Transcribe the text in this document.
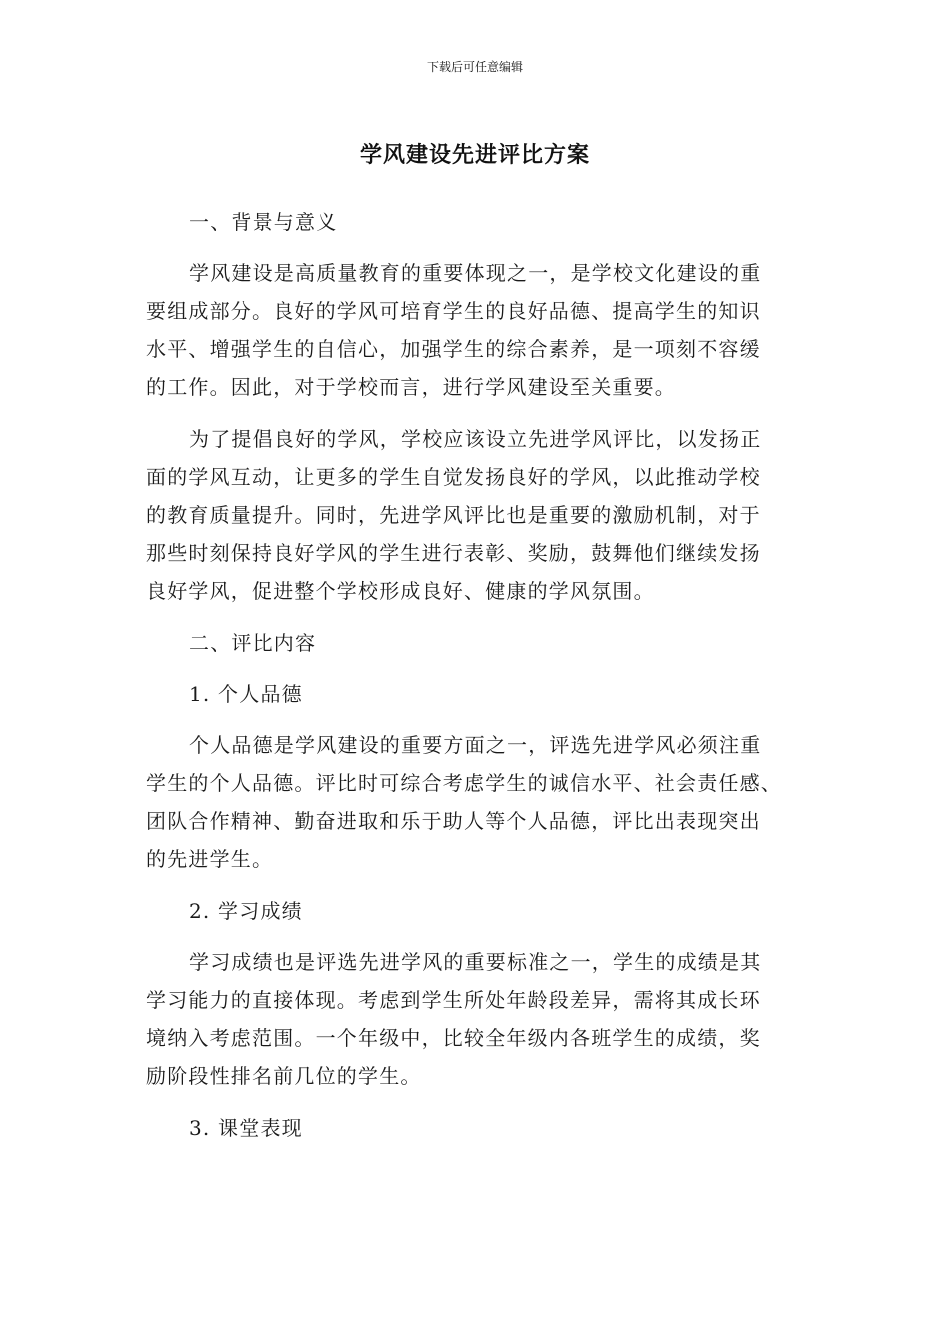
下载后可任意编辑
学风建设先进评比方案
一、背景与意义
学风建设是高质量教育的重要体现之一，是学校文化建设的重
要组成部分。良好的学风可培育学生的良好品德、提高学生的知识
水平、增强学生的自信心，加强学生的综合素养，是一项刻不容缓
的工作。因此，对于学校而言，进行学风建设至关重要。
为了提倡良好的学风，学校应该设立先进学风评比，以发扬正
面的学风互动，让更多的学生自觉发扬良好的学风，以此推动学校
的教育质量提升。同时，先进学风评比也是重要的激励机制，对于
那些时刻保持良好学风的学生进行表彰、奖励，鼓舞他们继续发扬
良好学风，促进整个学校形成良好、健康的学风氛围。
二、评比内容
1. 个人品德
个人品德是学风建设的重要方面之一，评选先进学风必须注重
学生的个人品德。评比时可综合考虑学生的诚信水平、社会责任感、
团队合作精神、勤奋进取和乐于助人等个人品德，评比出表现突出
的先进学生。
2. 学习成绩
学习成绩也是评选先进学风的重要标准之一，学生的成绩是其
学习能力的直接体现。考虑到学生所处年龄段差异，需将其成长环
境纳入考虑范围。一个年级中，比较全年级内各班学生的成绩，奖
励阶段性排名前几位的学生。
3. 课堂表现
